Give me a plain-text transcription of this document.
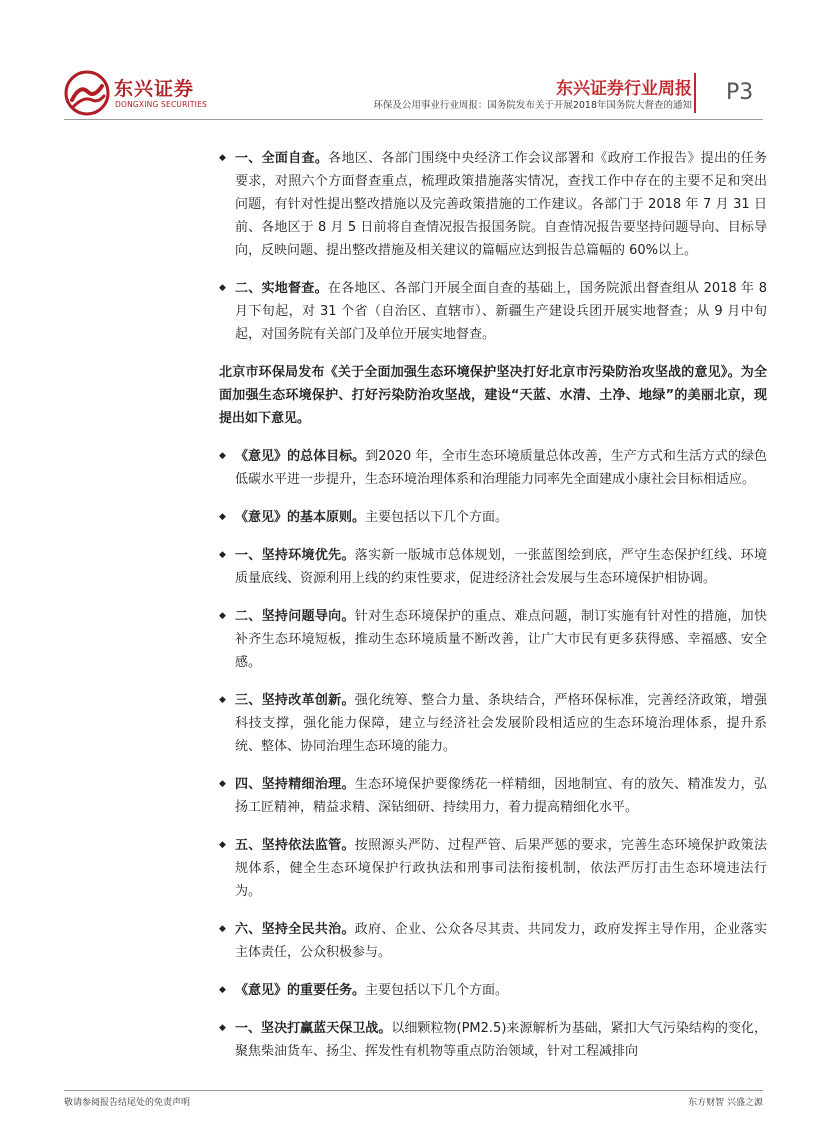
东兴证券
DONGXING SECURITIES
东兴证券行业周报
环保及公用事业行业周报：国务院发布关于开展2018年国务院大督查的通知
P3
◆ 一、全面自查。各地区、各部门围绕中央经济工作会议部署和《政府工作报告》提出的任务要求，对照六个方面督查重点，梳理政策措施落实情况，查找工作中存在的主要不足和突出问题，有针对性提出整改措施以及完善政策措施的工作建议。各部门于 2018 年 7 月 31 日前、各地区于 8 月 5 日前将自查情况报告报国务院。自查情况报告要坚持问题导向、目标导向，反映问题、提出整改措施及相关建议的篇幅应达到报告总篇幅的 60%以上。
◆ 二、实地督查。在各地区、各部门开展全面自查的基础上，国务院派出督查组从 2018 年 8 月下旬起，对 31 个省（自治区、直辖市）、新疆生产建设兵团开展实地督查；从 9 月中旬起，对国务院有关部门及单位开展实地督查。
北京市环保局发布《关于全面加强生态环境保护坚决打好北京市污染防治攻坚战的意见》。为全面加强生态环境保护、打好污染防治攻坚战，建设“天蓝、水清、土净、地绿”的美丽北京，现提出如下意见。
◆ 《意见》的总体目标。到2020 年，全市生态环境质量总体改善，生产方式和生活方式的绿色低碳水平进一步提升，生态环境治理体系和治理能力同率先全面建成小康社会目标相适应。
◆ 《意见》的基本原则。主要包括以下几个方面。
◆ 一、坚持环境优先。落实新一版城市总体规划，一张蓝图绘到底，严守生态保护红线、环境质量底线、资源利用上线的约束性要求，促进经济社会发展与生态环境保护相协调。
◆ 二、坚持问题导向。针对生态环境保护的重点、难点问题，制订实施有针对性的措施，加快补齐生态环境短板，推动生态环境质量不断改善，让广大市民有更多获得感、幸福感、安全感。
◆ 三、坚持改革创新。强化统筹、整合力量、条块结合，严格环保标准，完善经济政策，增强科技支撑，强化能力保障，建立与经济社会发展阶段相适应的生态环境治理体系，提升系统、整体、协同治理生态环境的能力。
◆ 四、坚持精细治理。生态环境保护要像绣花一样精细，因地制宜、有的放矢、精准发力，弘扬工匠精神，精益求精、深钻细研、持续用力，着力提高精细化水平。
◆ 五、坚持依法监管。按照源头严防、过程严管、后果严惩的要求，完善生态环境保护政策法规体系，健全生态环境保护行政执法和刑事司法衔接机制，依法严厉打击生态环境违法行为。
◆ 六、坚持全民共治。政府、企业、公众各尽其责、共同发力，政府发挥主导作用，企业落实主体责任，公众积极参与。
◆ 《意见》的重要任务。主要包括以下几个方面。
◆ 一、坚决打赢蓝天保卫战。以细颗粒物(PM2.5)来源解析为基础，紧扣大气污染结构的变化，聚焦柴油货车、扬尘、挥发性有机物等重点防治领域，针对工程减排向
敬请参阅报告结尾处的免责声明	东方财智 兴盛之源
